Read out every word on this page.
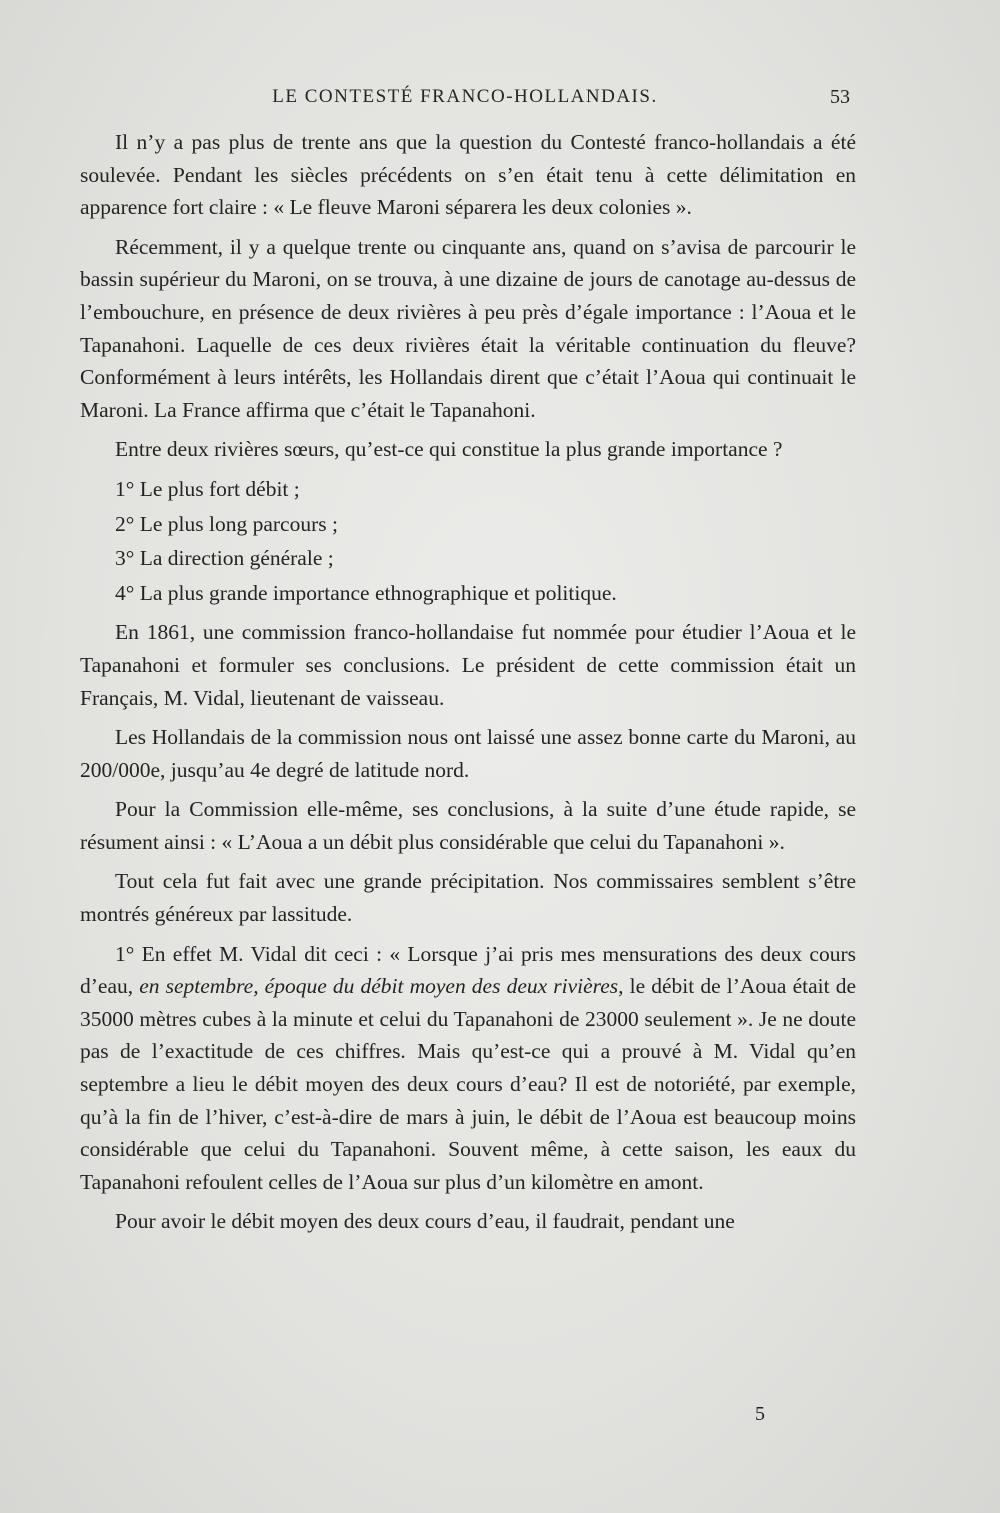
LE CONTESTÉ FRANCO-HOLLANDAIS.	53

Il n’y a pas plus de trente ans que la question du Contesté franco-hollandais a été soulevée. Pendant les siècles précédents on s’en était tenu à cette délimitation en apparence fort claire : « Le fleuve Maroni séparera les deux colonies ».

Récemment, il y a quelque trente ou cinquante ans, quand on s’avisa de parcourir le bassin supérieur du Maroni, on se trouva, à une dizaine de jours de canotage au-dessus de l’embouchure, en présence de deux rivières à peu près d’égale importance : l’Aoua et le Tapanahoni. Laquelle de ces deux rivières était la véritable continuation du fleuve? Conformément à leurs intérêts, les Hollandais dirent que c’était l’Aoua qui continuait le Maroni. La France affirma que c’était le Tapanahoni.

Entre deux rivières sœurs, qu’est-ce qui constitue la plus grande importance ?

1° Le plus fort débit ;

2° Le plus long parcours ;

3° La direction générale ;

4° La plus grande importance ethnographique et politique.

En 1861, une commission franco-hollandaise fut nommée pour étudier l’Aoua et le Tapanahoni et formuler ses conclusions. Le président de cette commission était un Français, M. Vidal, lieutenant de vaisseau.

Les Hollandais de la commission nous ont laissé une assez bonne carte du Maroni, au 200/000e, jusqu’au 4e degré de latitude nord.

Pour la Commission elle-même, ses conclusions, à la suite d’une étude rapide, se résument ainsi : « L’Aoua a un débit plus considérable que celui du Tapanahoni ».

Tout cela fut fait avec une grande précipitation. Nos commissaires semblent s’être montrés généreux par lassitude.

1° En effet M. Vidal dit ceci : « Lorsque j’ai pris mes mensurations des deux cours d’eau, en septembre, époque du débit moyen des deux rivières, le débit de l’Aoua était de 35000 mètres cubes à la minute et celui du Tapanahoni de 23000 seulement ». Je ne doute pas de l’exactitude de ces chiffres. Mais qu’est-ce qui a prouvé à M. Vidal qu’en septembre a lieu le débit moyen des deux cours d’eau? Il est de notoriété, par exemple, qu’à la fin de l’hiver, c’est-à-dire de mars à juin, le débit de l’Aoua est beaucoup moins considérable que celui du Tapanahoni. Souvent même, à cette saison, les eaux du Tapanahoni refoulent celles de l’Aoua sur plus d’un kilomètre en amont.

Pour avoir le débit moyen des deux cours d’eau, il faudrait, pendant une

5
